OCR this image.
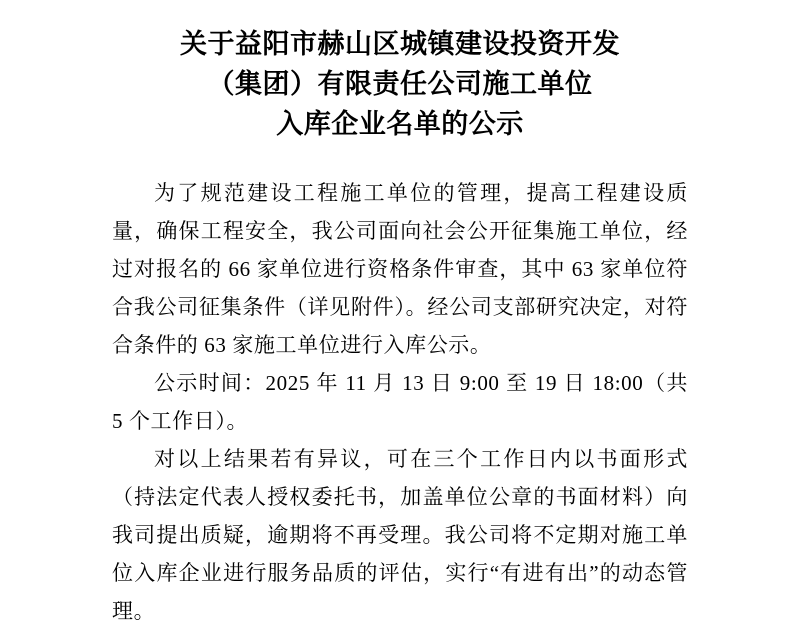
关于益阳市赫山区城镇建设投资开发
（集团）有限责任公司施工单位
入库企业名单的公示

为了规范建设工程施工单位的管理，提高工程建设质量，确保工程安全，我公司面向社会公开征集施工单位，经过对报名的 66 家单位进行资格条件审查，其中 63 家单位符合我公司征集条件（详见附件）。经公司支部研究决定，对符合条件的 63 家施工单位进行入库公示。

公示时间：2025 年 11 月 13 日 9:00 至 19 日 18:00（共 5 个工作日）。

对以上结果若有异议，可在三个工作日内以书面形式（持法定代表人授权委托书，加盖单位公章的书面材料）向我司提出质疑，逾期将不再受理。我公司将不定期对施工单位入库企业进行服务品质的评估，实行“有进有出”的动态管理。
